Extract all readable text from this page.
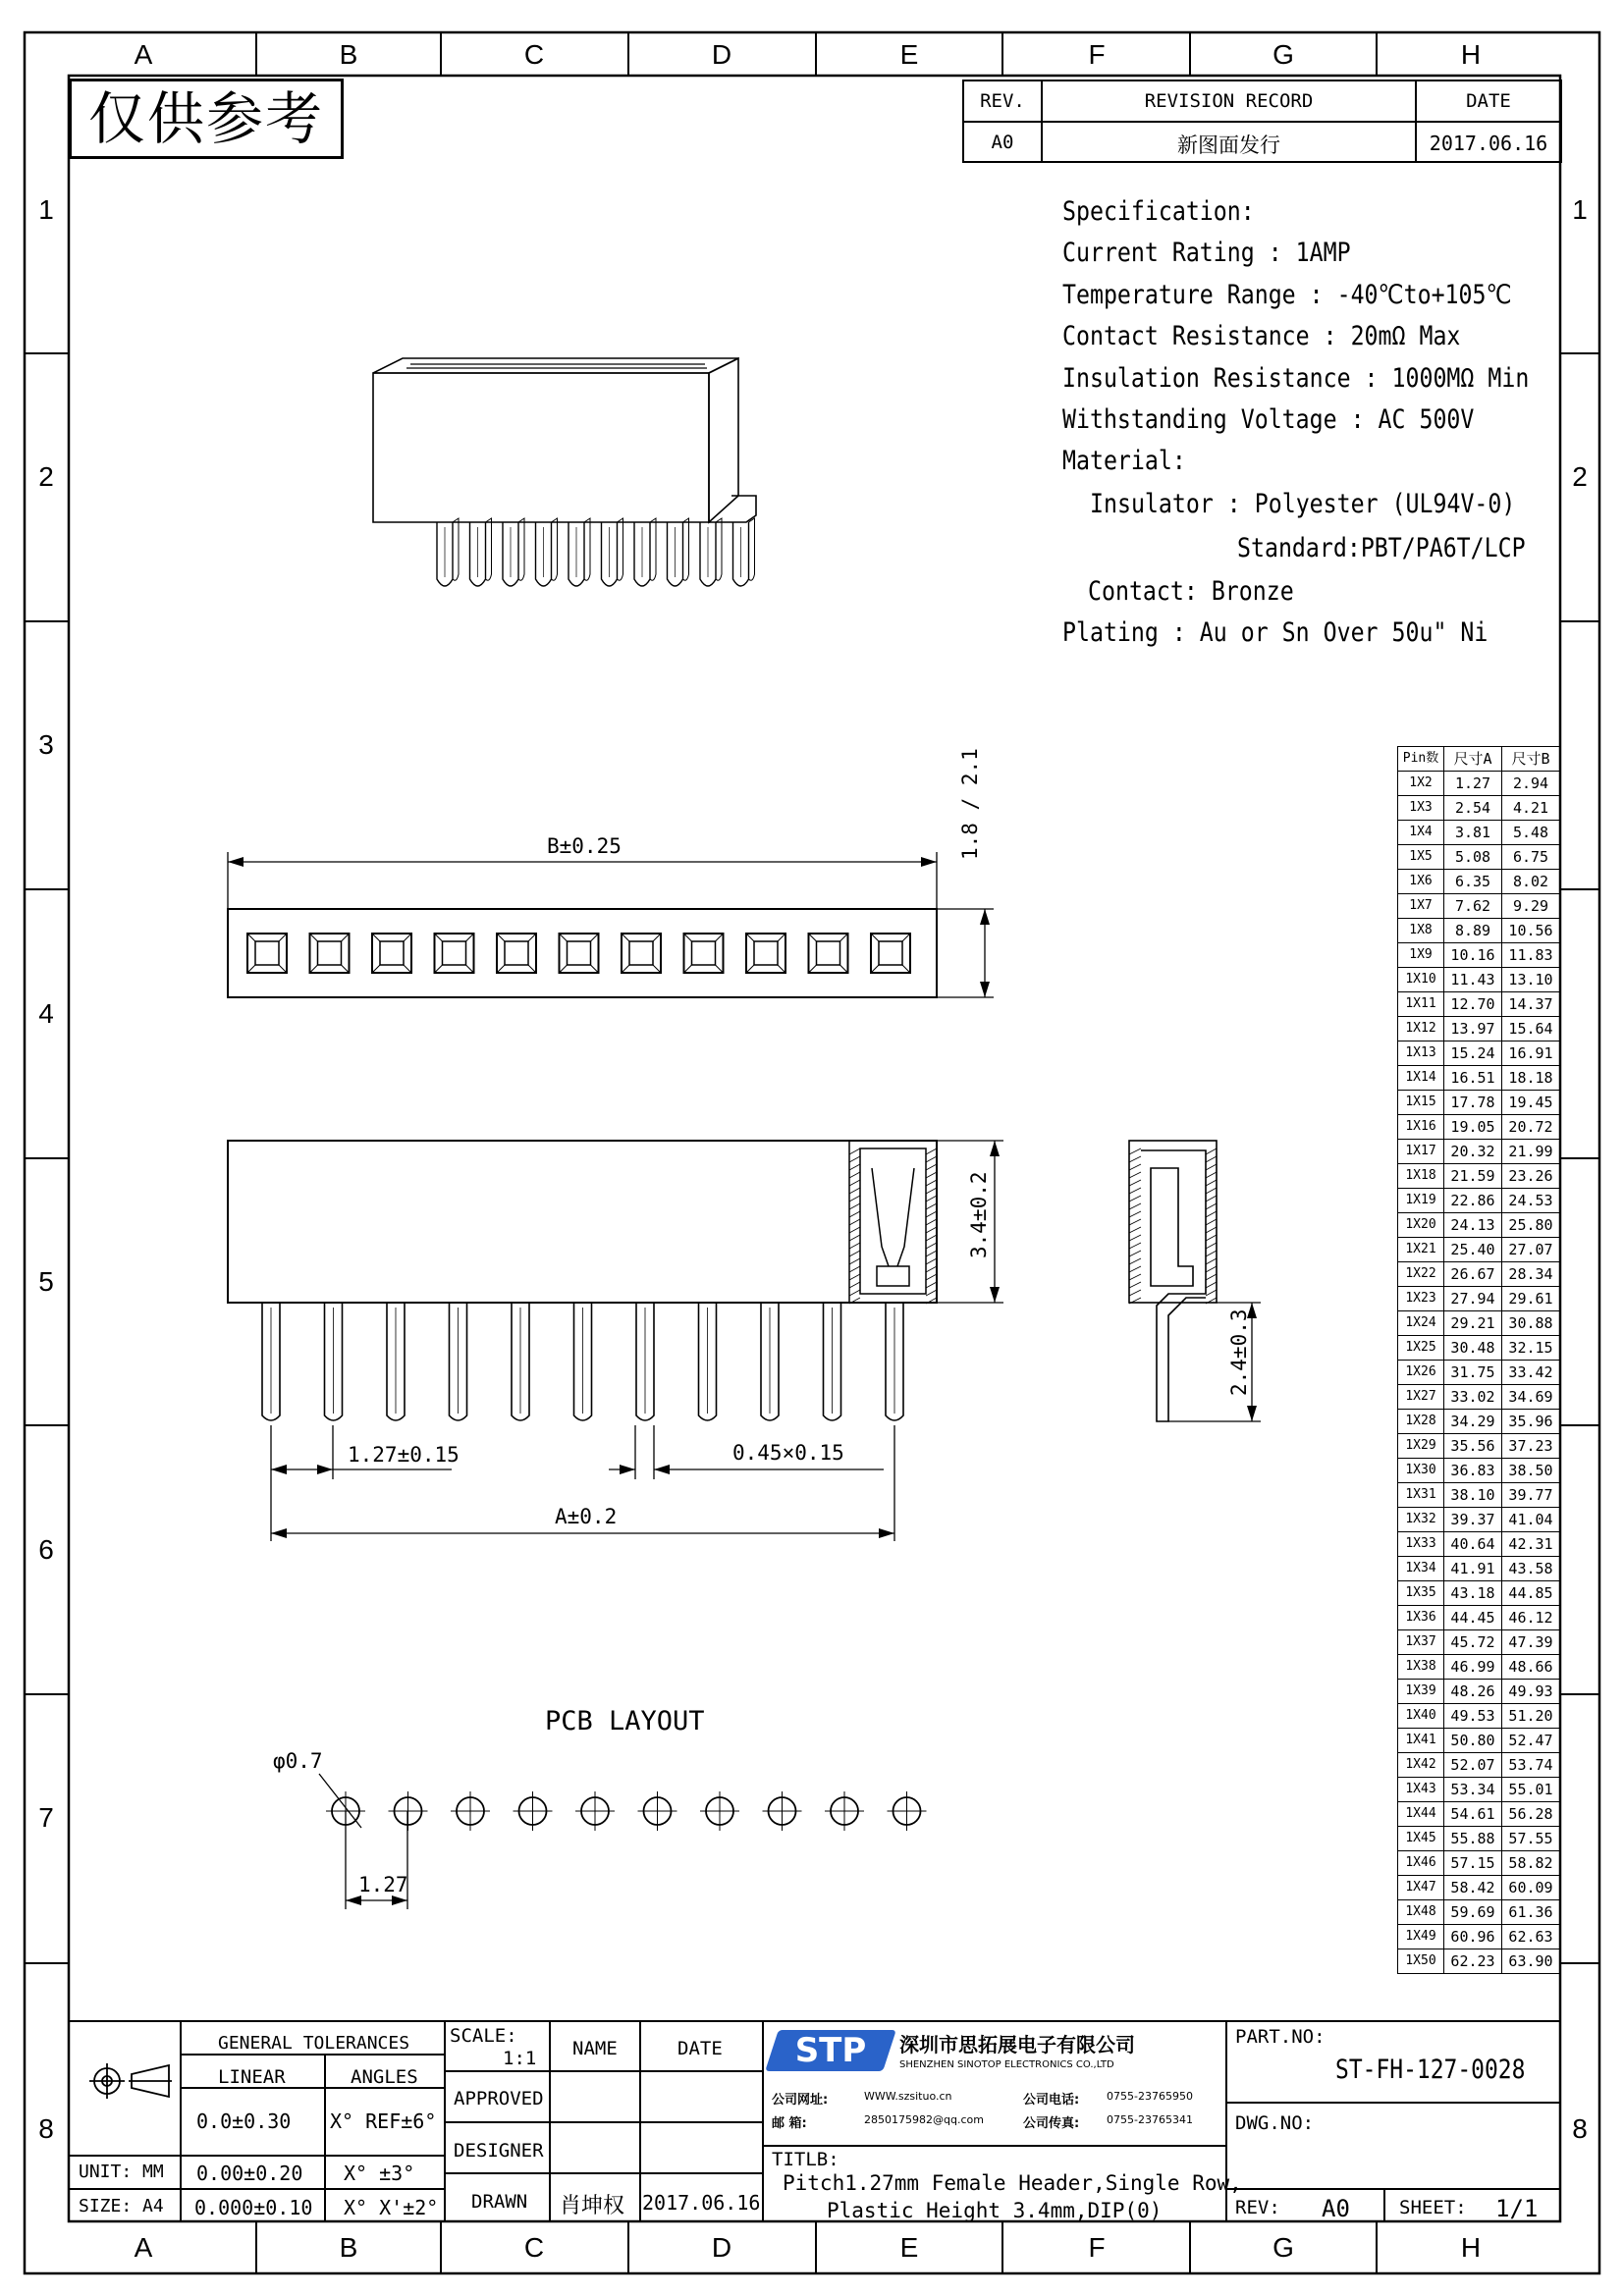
A	B	C	D	E	F	G	H
A	B	C	D	E	F	G	H
1
2
3
4
5
6
7
8
1
2
8
仅供参考	REV.	REVISION RECORD	DATE
A0	新图面发行	2017.06.16
Specification:
Current Rating : 1AMP
Temperature Range : -40℃to+105℃
Contact Resistance : 20mΩ Max
Insulation Resistance : 1000MΩ Min
Withstanding Voltage : AC 500V
Material:
Insulator : Polyester (UL94V-0)
Standard:PBT/PA6T/LCP
Contact: Bronze
Plating : Au or Sn Over 50u" Ni
B±0.25	1.8 / 2.1
3.4±0.2
2.4±0.3
1.27±0.15	0.45×0.15
A±0.2
PCB LAYOUT
φ0.7
1.27
Pin数	尺寸A	尺寸B
1X2	1.27	2.94
1X3	2.54	4.21
1X4	3.81	5.48
1X5	5.08	6.75
1X6	6.35	8.02
1X7	7.62	9.29
1X8	8.89	10.56
1X9	10.16	11.83
1X10	11.43	13.10
1X11	12.70	14.37
1X12	13.97	15.64
1X13	15.24	16.91
1X14	16.51	18.18
1X15	17.78	19.45
1X16	19.05	20.72
1X17	20.32	21.99
1X18	21.59	23.26
1X19	22.86	24.53
1X20	24.13	25.80
1X21	25.40	27.07
1X22	26.67	28.34
1X23	27.94	29.61
1X24	29.21	30.88
1X25	30.48	32.15
1X26	31.75	33.42
1X27	33.02	34.69
1X28	34.29	35.96
1X29	35.56	37.23
1X30	36.83	38.50
1X31	38.10	39.77
1X32	39.37	41.04
1X33	40.64	42.31
1X34	41.91	43.58
1X35	43.18	44.85
1X36	44.45	46.12
1X37	45.72	47.39
1X38	46.99	48.66
1X39	48.26	49.93
1X40	49.53	51.20
1X41	50.80	52.47
1X42	52.07	53.74
1X43	53.34	55.01
1X44	54.61	56.28
1X45	55.88	57.55
1X46	57.15	58.82
1X47	58.42	60.09
1X48	59.69	61.36
1X49	60.96	62.63
1X50	62.23	63.90
GENERAL TOLERANCES
LINEAR	ANGLES
0.0±0.30 X° REF±6°
UNIT: MM 0.00±0.20 X° ±3°
SIZE: A4 0.000±0.10 X° X'±2°
SCALE:
1:1 NAME	DATE
APPROVED
DESIGNER
DRAWN 肖坤权 2017.06.16
STP	深圳市思拓展电子有限公司
SHENZHEN SINOTOP ELECTRONICS CO.,LTD
公司网址:	WWW.szsituo.cn	公司电话:	0755-23765950
邮 箱:	2850175982@qq.com	公司传真:	0755-23765341
TITLB:
Pitch1.27mm Female Header,Single Row,
Plastic Height 3.4mm,DIP(0)
PART.NO:
ST-FH-127-0028
DWG.NO:
REV: A0	SHEET: 1/1
